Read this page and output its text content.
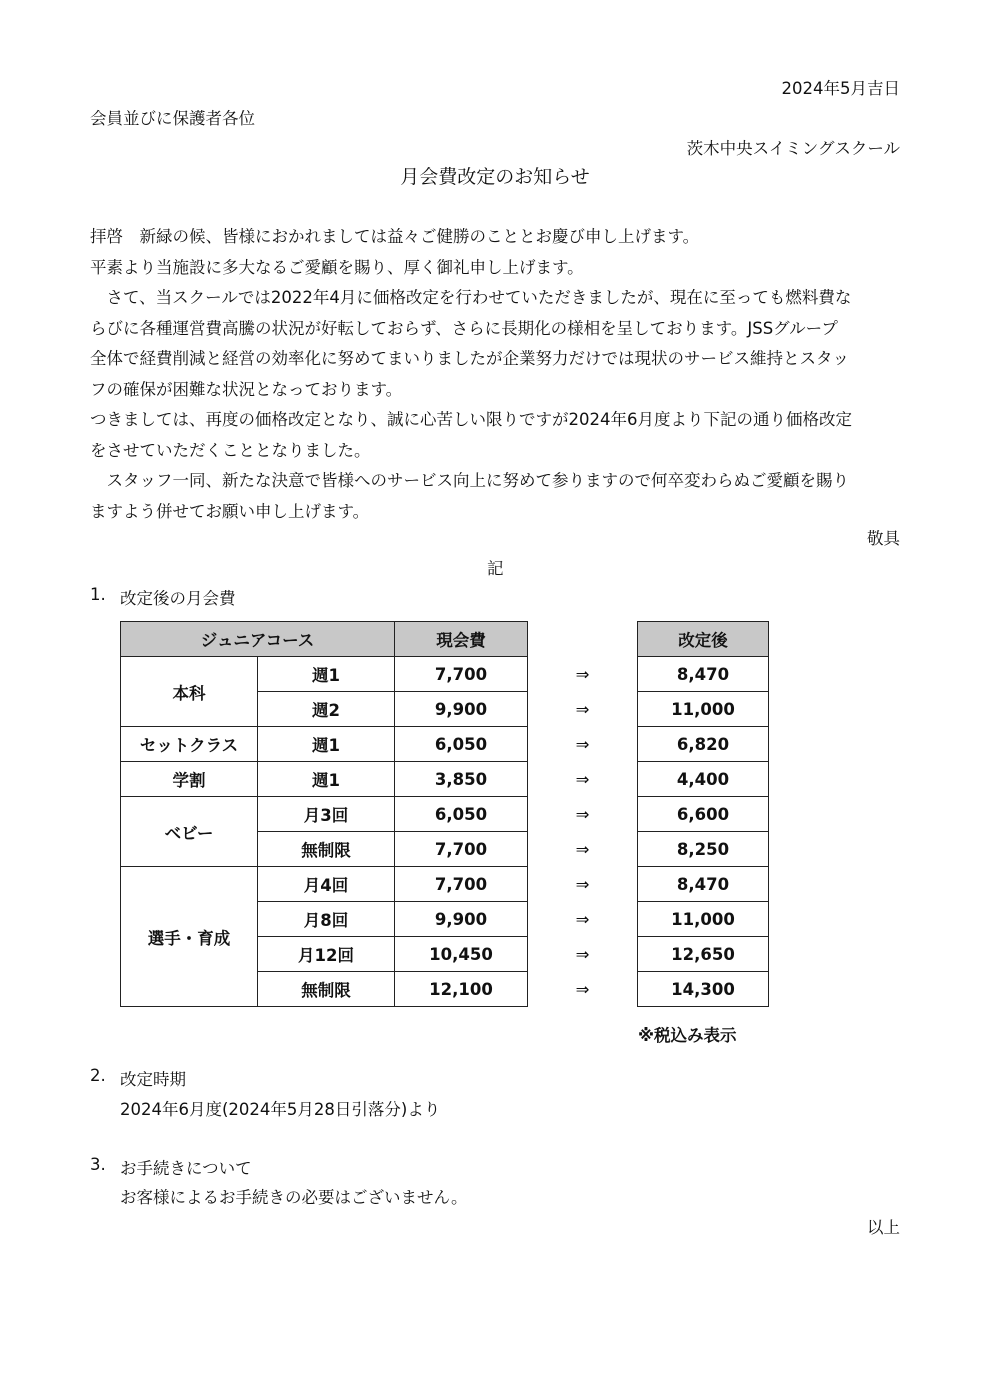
2024年5月吉日

会員並びに保護者各位

茨木中央スイミングスクール

月会費改定のお知らせ

拝啓　新緑の候、皆様におかれましては益々ご健勝のこととお慶び申し上げます。

平素より当施設に多大なるご愛顧を賜り、厚く御礼申し上げます。

さて、当スクールでは2022年4月に価格改定を行わせていただきましたが、現在に至っても燃料費な

らびに各種運営費高騰の状況が好転しておらず、さらに長期化の様相を呈しております。JSSグループ

全体で経費削減と経営の効率化に努めてまいりましたが企業努力だけでは現状のサービス維持とスタッ

フの確保が困難な状況となっております。

つきましては、再度の価格改定となり、誠に心苦しい限りですが2024年6月度より下記の通り価格改定

をさせていただくこととなりました。

スタッフ一同、新たな決意で皆様へのサービス向上に努めて参りますので何卒変わらぬご愛顧を賜り

ますよう併せてお願い申し上げます。

敬具

記

1. 改定後の月会費

ジュニアコース		現会費		改定後
本科	週1	7,700	⇒	8,470
	週2	9,900	⇒	11,000
セットクラス	週1	6,050	⇒	6,820
学割	週1	3,850	⇒	4,400
ベビー	月3回	6,050	⇒	6,600
	無制限	7,700	⇒	8,250
選手・育成	月4回	7,700	⇒	8,470
	月8回	9,900	⇒	11,000
	月12回	10,450	⇒	12,650
	無制限	12,100	⇒	14,300

※税込み表示

2. 改定時期

2024年6月度(2024年5月28日引落分)より

3. お手続きについて

お客様によるお手続きの必要はございません。

以上
